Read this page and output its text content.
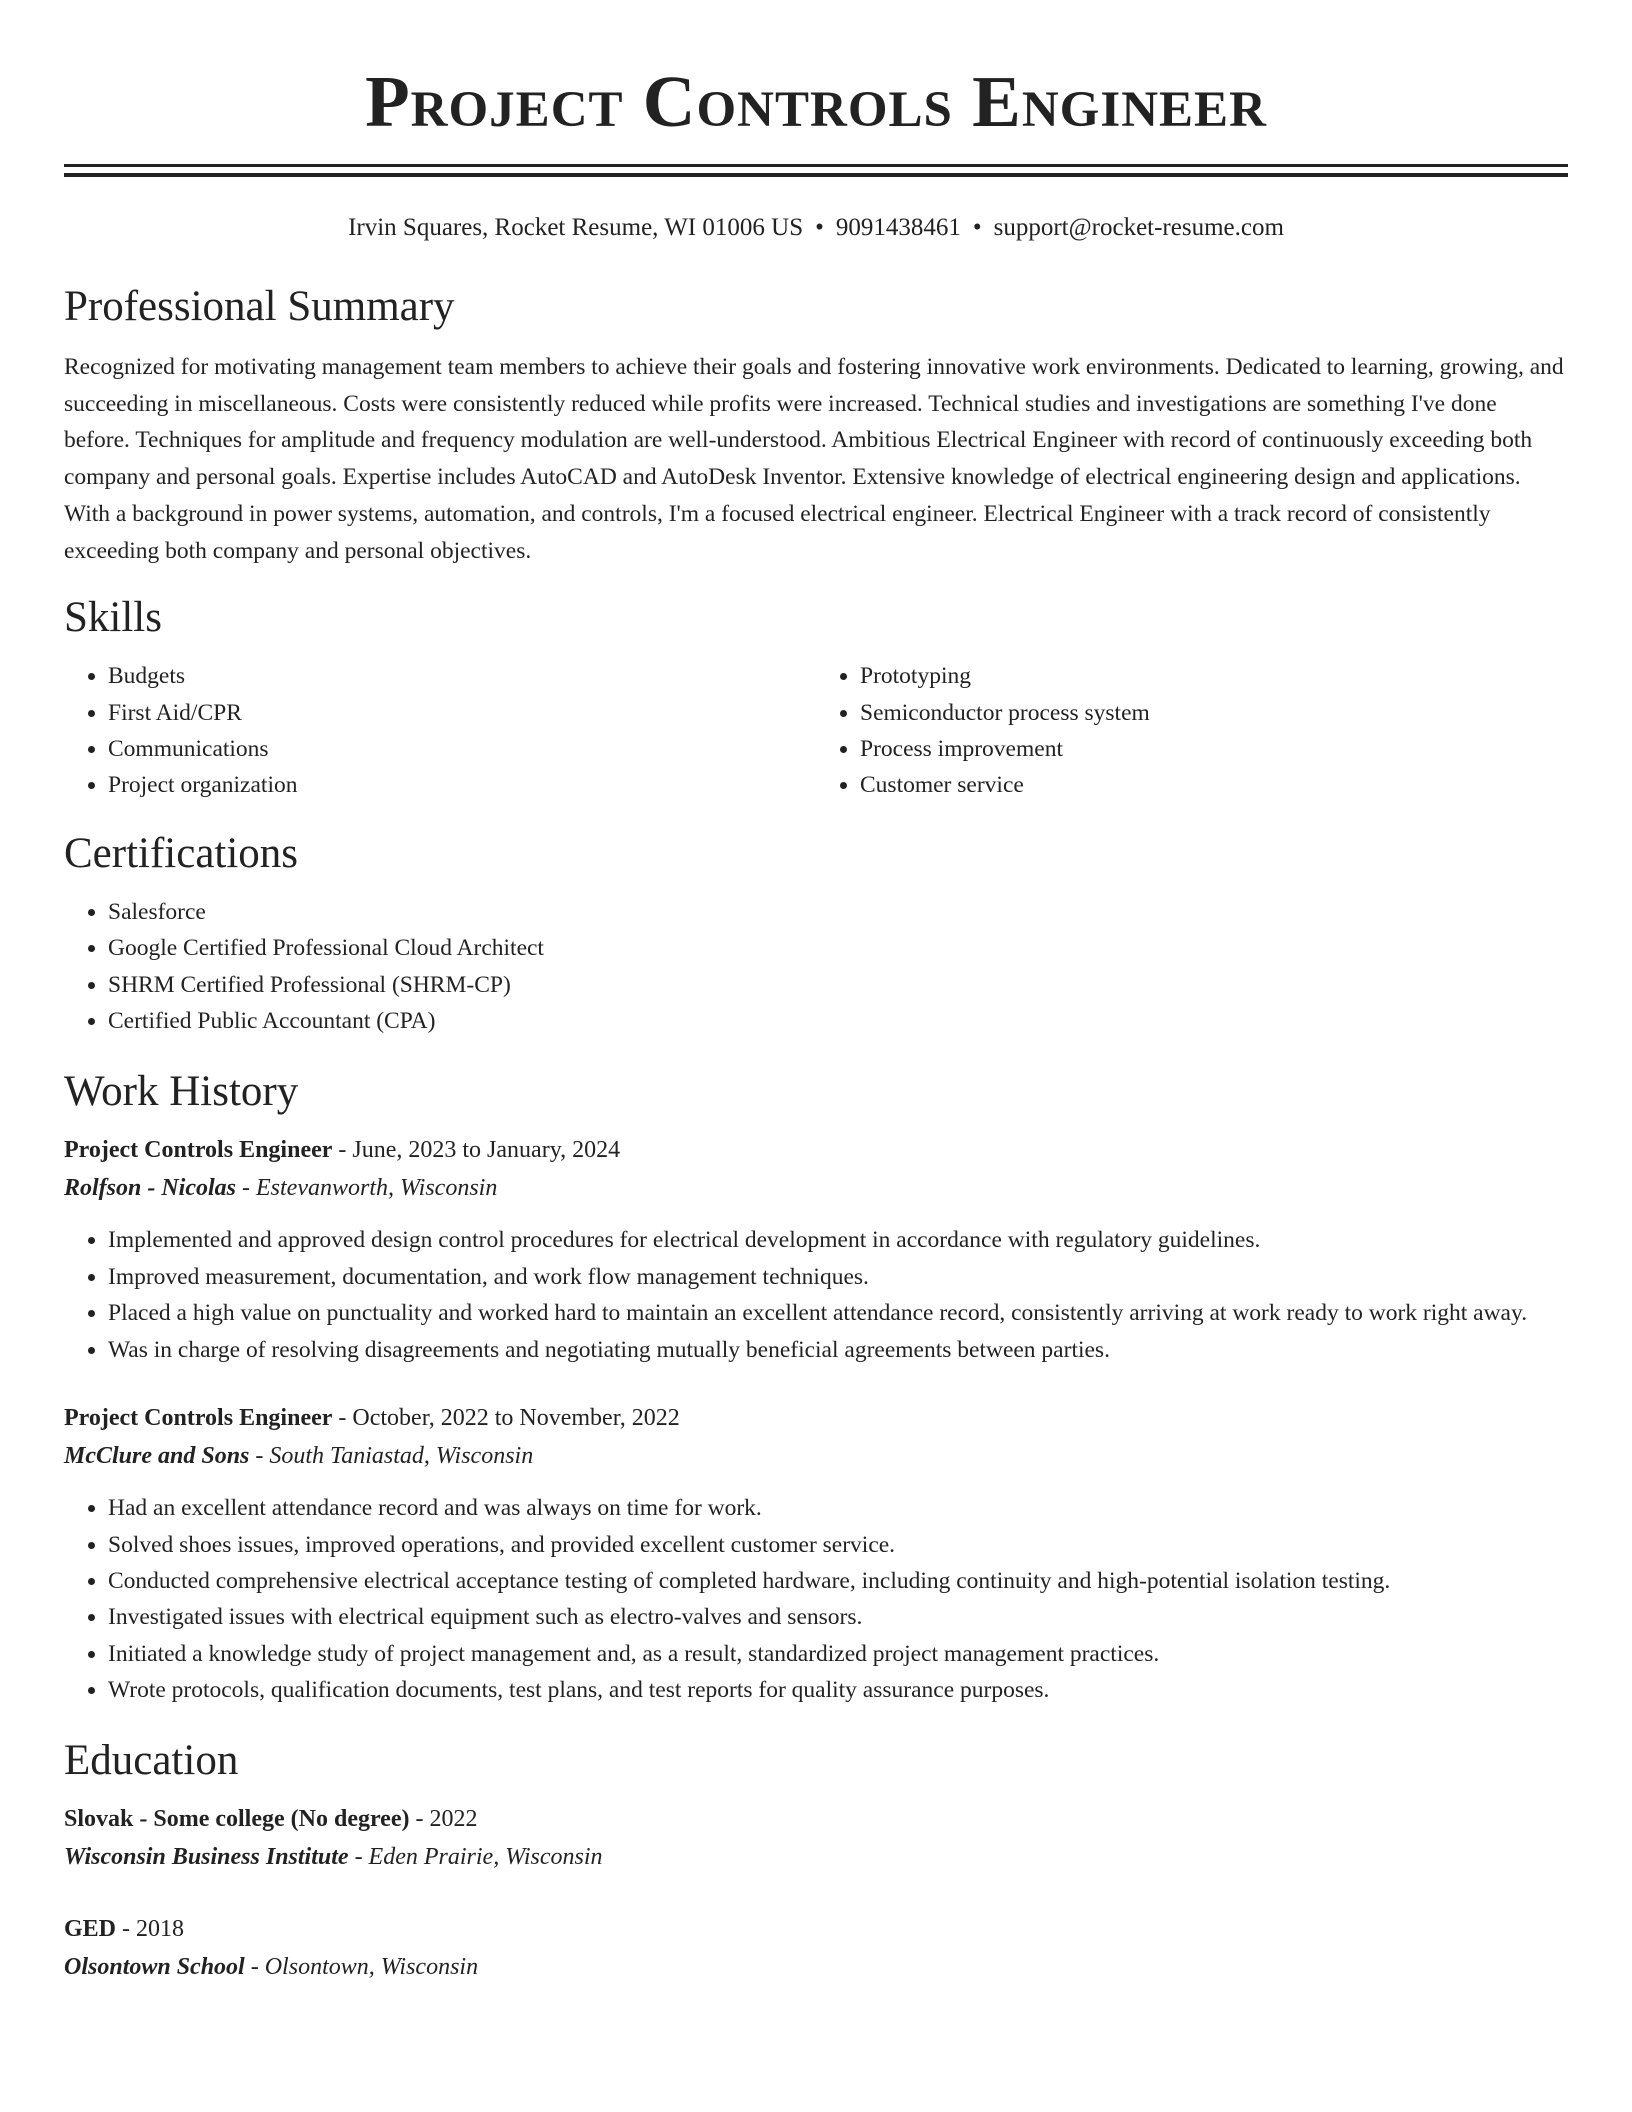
Project Controls Engineer
Irvin Squares, Rocket Resume, WI 01006 US • 9091438461 • support@rocket-resume.com
Professional Summary

Recognized for motivating management team members to achieve their goals and fostering innovative work environments. Dedicated to learning, growing, and succeeding in miscellaneous. Costs were consistently reduced while profits were increased. Technical studies and investigations are something I've done before. Techniques for amplitude and frequency modulation are well-understood. Ambitious Electrical Engineer with record of continuously exceeding both company and personal goals. Expertise includes AutoCAD and AutoDesk Inventor. Extensive knowledge of electrical engineering design and applications. With a background in power systems, automation, and controls, I'm a focused electrical engineer. Electrical Engineer with a track record of consistently exceeding both company and personal objectives.

Skills
• Budgets
• First Aid/CPR
• Communications
• Project organization
• Prototyping
• Semiconductor process system
• Process improvement
• Customer service
Certifications
• Salesforce
• Google Certified Professional Cloud Architect
• SHRM Certified Professional (SHRM-CP)
• Certified Public Accountant (CPA)
Work History
Project Controls Engineer - June, 2023 to January, 2024
Rolfson - Nicolas - Estevanworth, Wisconsin
• Implemented and approved design control procedures for electrical development in accordance with regulatory guidelines.
• Improved measurement, documentation, and work flow management techniques.
• Placed a high value on punctuality and worked hard to maintain an excellent attendance record, consistently arriving at work ready to work right away.
• Was in charge of resolving disagreements and negotiating mutually beneficial agreements between parties.
Project Controls Engineer - October, 2022 to November, 2022
McClure and Sons - South Taniastad, Wisconsin
• Had an excellent attendance record and was always on time for work.
• Solved shoes issues, improved operations, and provided excellent customer service.
• Conducted comprehensive electrical acceptance testing of completed hardware, including continuity and high-potential isolation testing.
• Investigated issues with electrical equipment such as electro-valves and sensors.
• Initiated a knowledge study of project management and, as a result, standardized project management practices.
• Wrote protocols, qualification documents, test plans, and test reports for quality assurance purposes.
Education
Slovak - Some college (No degree) - 2022
Wisconsin Business Institute - Eden Prairie, Wisconsin
GED - 2018
Olsontown School - Olsontown, Wisconsin
